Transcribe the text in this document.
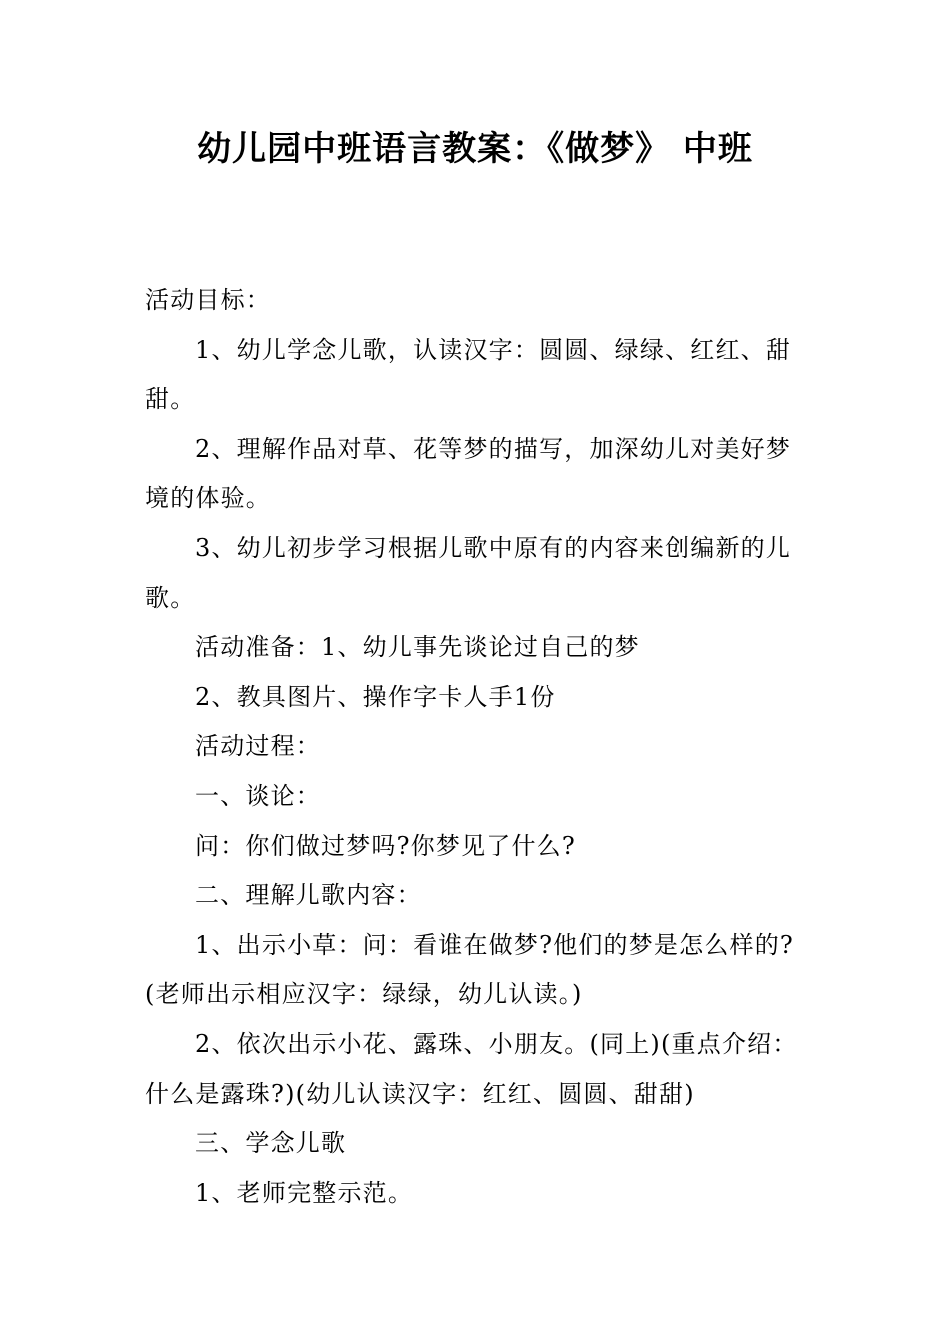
幼儿园中班语言教案：《做梦》 中班

活动目标：

1、幼儿学念儿歌，认读汉字：圆圆、绿绿、红红、甜甜。

2、理解作品对草、花等梦的描写，加深幼儿对美好梦境的体验。

3、幼儿初步学习根据儿歌中原有的内容来创编新的儿歌。

活动准备：1、幼儿事先谈论过自己的梦

2、教具图片、操作字卡人手1份

活动过程：

一、谈论：

问：你们做过梦吗?你梦见了什么?

二、理解儿歌内容：

1、出示小草：问：看谁在做梦?他们的梦是怎么样的?(老师出示相应汉字：绿绿，幼儿认读。)

2、依次出示小花、露珠、小朋友。(同上)(重点介绍：什么是露珠?)(幼儿认读汉字：红红、圆圆、甜甜)

三、学念儿歌

1、老师完整示范。
